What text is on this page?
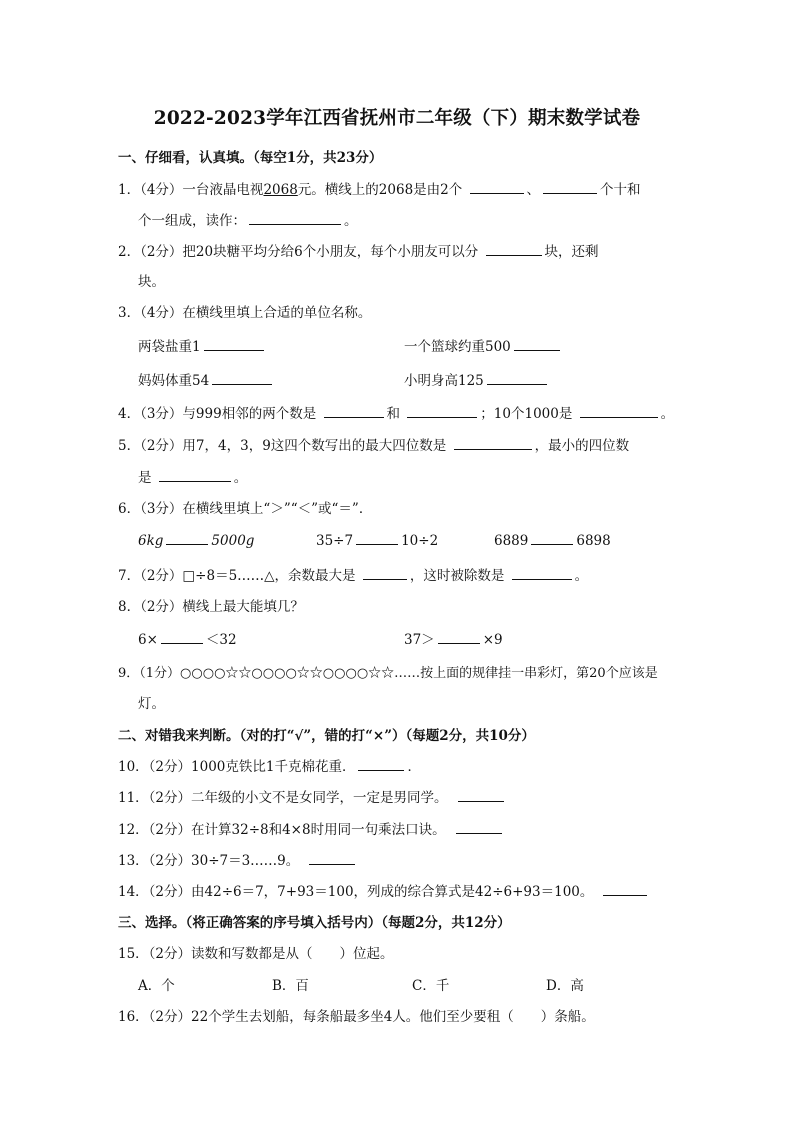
2022-2023学年江西省抚州市二年级（下）期末数学试卷
一、仔细看，认真填。（每空1分，共23分）
1．（4分）一台液晶电视2068元。横线上的2068是由2个	、	个十和
个一组成，读作：	。
2．（2分）把20块糖平均分给6个小朋友，每个小朋友可以分	块，还剩
块。
3．（4分）在横线里填上合适的单位名称。
两袋盐重1	一个篮球约重500
妈妈体重54	小明身高125
4．（3分）与999相邻的两个数是	和	；10个1000是	。
5．（2分）用7，4，3，9这四个数写出的最大四位数是	，最小的四位数
是	。
6．（3分）在横线里填上“＞”“＜”或“＝”．
6kg	5000g	35÷7	10÷2	6889	6898
7．（2分）□÷8＝5……△，余数最大是	，这时被除数是	。
8．（2分）横线上最大能填几？
6×	＜32	37＞	×9
9．（1分）○○○○☆☆○○○○☆☆○○○○☆☆……按上面的规律挂一串彩灯，第20个应该是
灯。
二、对错我来判断。（对的打“√”，错的打“×”）（每题2分，共10分）
10．（2分）1000克铁比1千克棉花重．	．
11．（2分）二年级的小文不是女同学，一定是男同学。
12．（2分）在计算32÷8和4×8时用同一句乘法口诀。
13．（2分）30÷7＝3……9。
14．（2分）由42÷6＝7，7+93＝100，列成的综合算式是42÷6+93＝100。
三、选择。（将正确答案的序号填入括号内）（每题2分，共12分）
15．（2分）读数和写数都是从（　　）位起。
A．个	B．百	C．千	D．高
16．（2分）22个学生去划船，每条船最多坐4人。他们至少要租（　　）条船。
